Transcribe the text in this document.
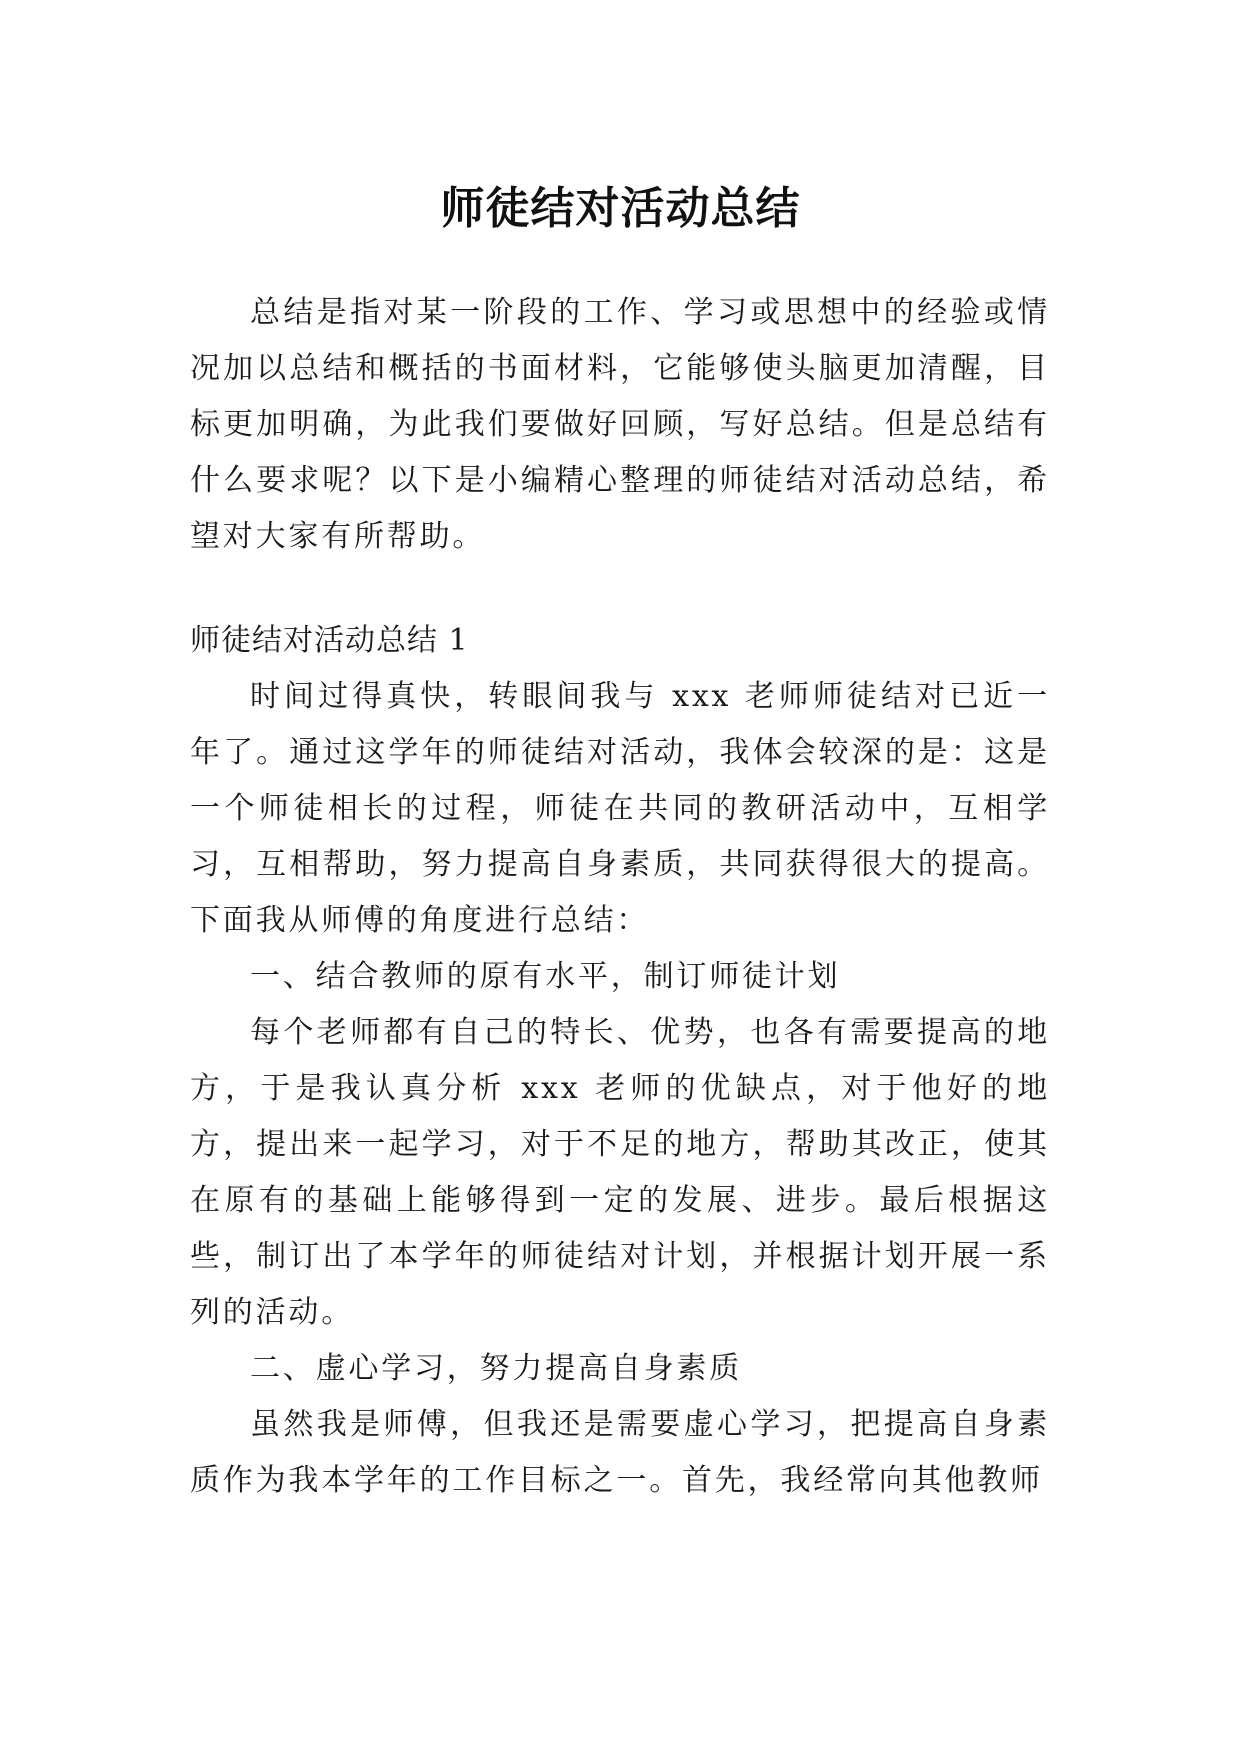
师徒结对活动总结

总结是指对某一阶段的工作、学习或思想中的经验或情况加以总结和概括的书面材料，它能够使头脑更加清醒，目标更加明确，为此我们要做好回顾，写好总结。但是总结有什么要求呢？以下是小编精心整理的师徒结对活动总结，希望对大家有所帮助。

师徒结对活动总结 1

时间过得真快，转眼间我与 xxx 老师师徒结对已近一年了。通过这学年的师徒结对活动，我体会较深的是：这是一个师徒相长的过程，师徒在共同的教研活动中，互相学习，互相帮助，努力提高自身素质，共同获得很大的提高。下面我从师傅的角度进行总结：

一、结合教师的原有水平，制订师徒计划

每个老师都有自己的特长、优势，也各有需要提高的地方，于是我认真分析 xxx 老师的优缺点，对于他好的地方，提出来一起学习，对于不足的地方，帮助其改正，使其在原有的基础上能够得到一定的发展、进步。最后根据这些，制订出了本学年的师徒结对计划，并根据计划开展一系列的活动。

二、虚心学习，努力提高自身素质

虽然我是师傅，但我还是需要虚心学习，把提高自身素质作为我本学年的工作目标之一。首先，我经常向其他教师
